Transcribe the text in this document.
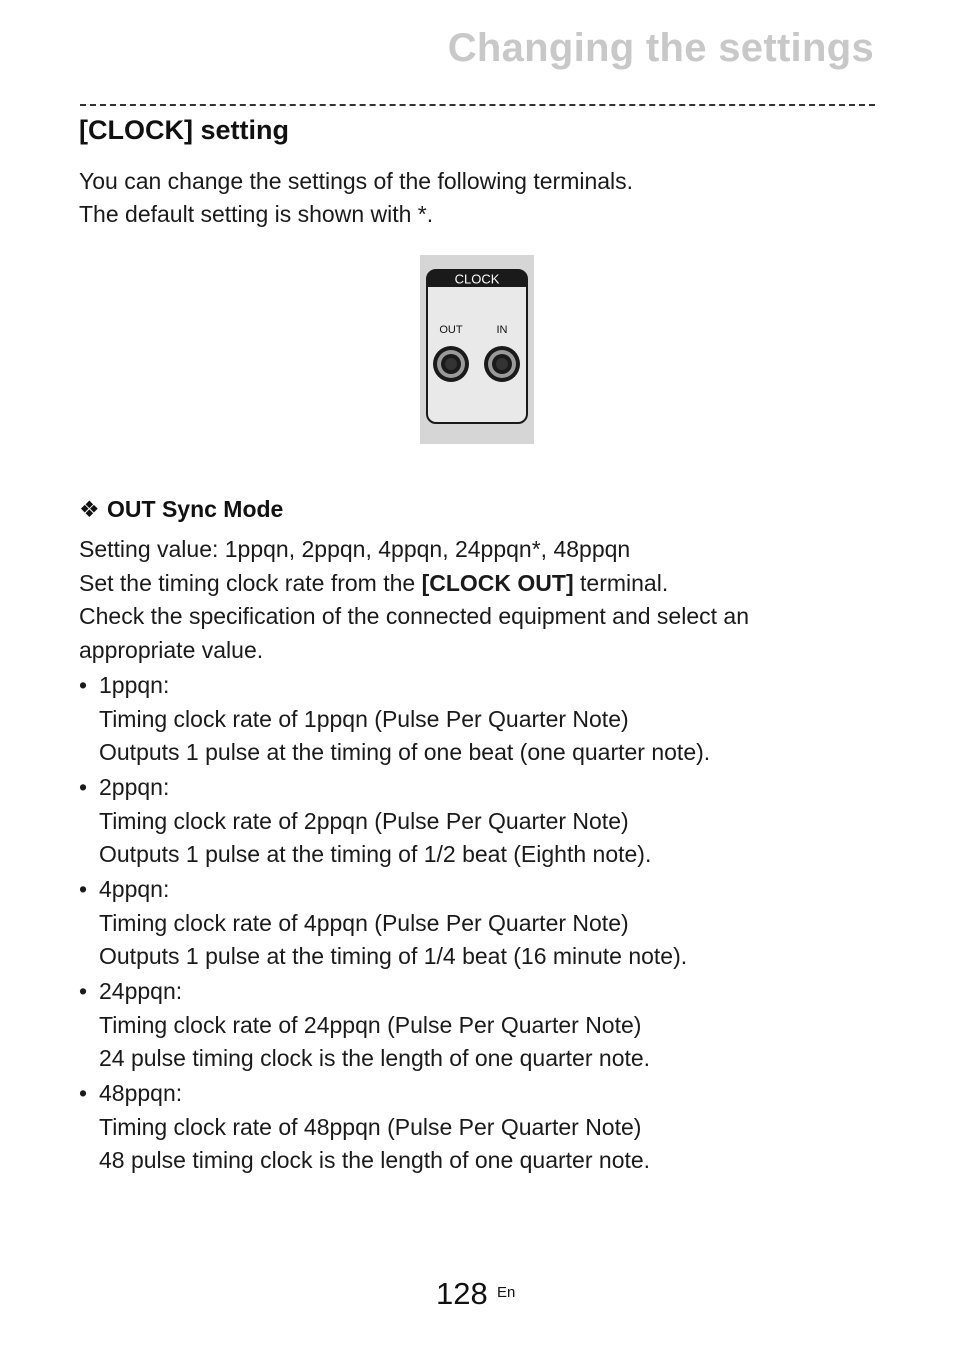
Changing the settings
[CLOCK] setting
You can change the settings of the following terminals.
The default setting is shown with *.
CLOCK
OUT	IN
❖ OUT Sync Mode
Setting value: 1ppqn, 2ppqn, 4ppqn, 24ppqn*, 48ppqn
Set the timing clock rate from the [CLOCK OUT] terminal.
Check the specification of the connected equipment and select an
appropriate value.
• 1ppqn:
Timing clock rate of 1ppqn (Pulse Per Quarter Note)
Outputs 1 pulse at the timing of one beat (one quarter note).
• 2ppqn:
Timing clock rate of 2ppqn (Pulse Per Quarter Note)
Outputs 1 pulse at the timing of 1/2 beat (Eighth note).
• 4ppqn:
Timing clock rate of 4ppqn (Pulse Per Quarter Note)
Outputs 1 pulse at the timing of 1/4 beat (16 minute note).
• 24ppqn:
Timing clock rate of 24ppqn (Pulse Per Quarter Note)
24 pulse timing clock is the length of one quarter note.
• 48ppqn:
Timing clock rate of 48ppqn (Pulse Per Quarter Note)
48 pulse timing clock is the length of one quarter note.
128 En
